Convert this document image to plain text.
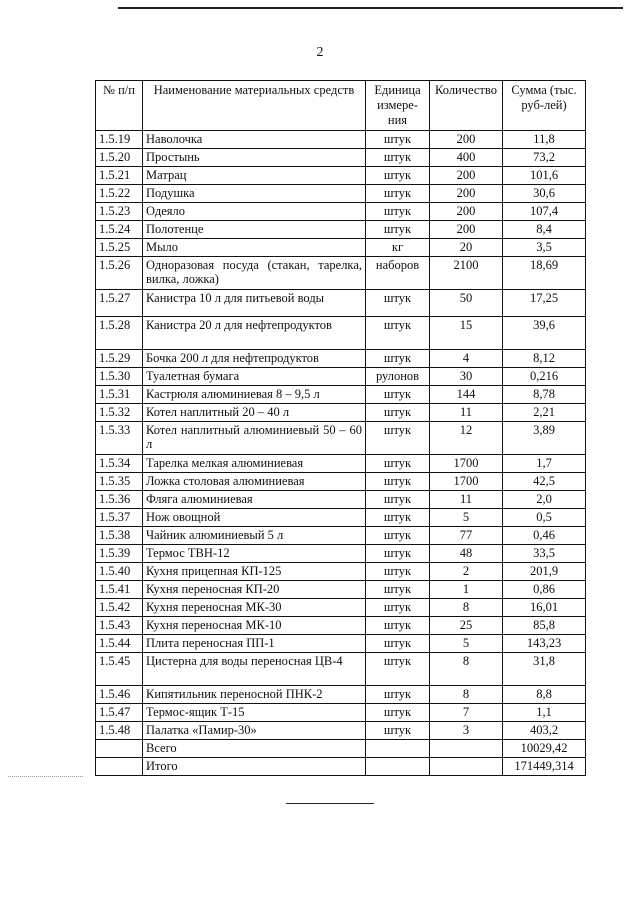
2
№ п/п	Наименование материальных средств	Единица измере-ния	Количество	Сумма (тыс. руб-лей)
1.5.19	Наволочка	штук	200	11,8
1.5.20	Простынь	штук	400	73,2
1.5.21	Матрац	штук	200	101,6
1.5.22	Подушка	штук	200	30,6
1.5.23	Одеяло	штук	200	107,4
1.5.24	Полотенце	штук	200	8,4
1.5.25	Мыло	кг	20	3,5
1.5.26	Одноразовая посуда (стакан, тарелка, вилка, ложка)	наборов	2100	18,69
1.5.27	Канистра 10 л для питьевой воды	штук	50	17,25
1.5.28	Канистра 20 л для нефтепродуктов	штук	15	39,6
1.5.29	Бочка 200 л для нефтепродуктов	штук	4	8,12
1.5.30	Туалетная бумага	рулонов	30	0,216
1.5.31	Кастрюля алюминиевая 8 – 9,5 л	штук	144	8,78
1.5.32	Котел наплитный 20 – 40 л	штук	11	2,21
1.5.33	Котел наплитный алюминиевый 50 – 60 л	штук	12	3,89
1.5.34	Тарелка мелкая алюминиевая	штук	1700	1,7
1.5.35	Ложка столовая алюминиевая	штук	1700	42,5
1.5.36	Фляга алюминиевая	штук	11	2,0
1.5.37	Нож овощной	штук	5	0,5
1.5.38	Чайник алюминиевый 5 л	штук	77	0,46
1.5.39	Термос ТВН-12	штук	48	33,5
1.5.40	Кухня прицепная КП-125	штук	2	201,9
1.5.41	Кухня переносная КП-20	штук	1	0,86
1.5.42	Кухня переносная МК-30	штук	8	16,01
1.5.43	Кухня переносная МК-10	штук	25	85,8
1.5.44	Плита переносная ПП-1	штук	5	143,23
1.5.45	Цистерна для воды переносная ЦВ-4	штук	8	31,8
1.5.46	Кипятильник переносной ПНК-2	штук	8	8,8
1.5.47	Термос-ящик Т-15	штук	7	1,1
1.5.48	Палатка «Памир-30»	штук	3	403,2
	Всего			10029,42
	Итого			171449,314
